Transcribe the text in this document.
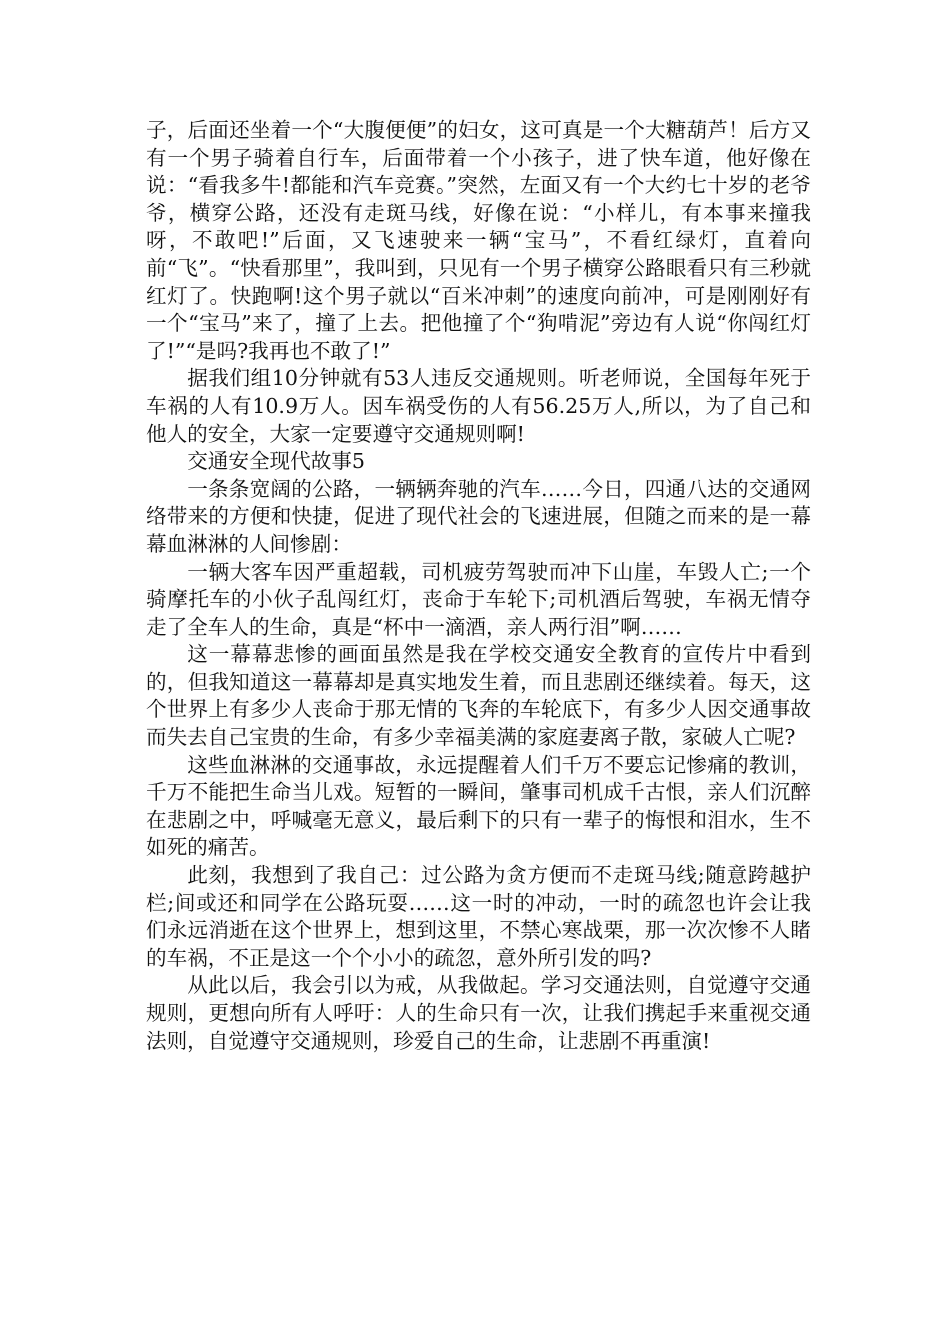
子，后面还坐着一个“大腹便便”的妇女，这可真是一个大糖葫芦！后方又有一个男子骑着自行车，后面带着一个小孩子，进了快车道，他好像在说：“看我多牛!都能和汽车竞赛。”突然，左面又有一个大约七十岁的老爷爷，横穿公路，还没有走斑马线，好像在说：“小样儿，有本事来撞我呀，不敢吧!”后面，又飞速驶来一辆“宝马”，不看红绿灯，直着向前“飞”。“快看那里”，我叫到，只见有一个男子横穿公路眼看只有三秒就红灯了。快跑啊!这个男子就以“百米冲刺”的速度向前冲，可是刚刚好有一个“宝马”来了，撞了上去。把他撞了个“狗啃泥”旁边有人说“你闯红灯了!”“是吗?我再也不敢了!”

据我们组10分钟就有53人违反交通规则。听老师说，全国每年死于车祸的人有10.9万人。因车祸受伤的人有56.25万人,所以，为了自己和他人的安全，大家一定要遵守交通规则啊!

交通安全现代故事5

一条条宽阔的公路，一辆辆奔驰的汽车……今日，四通八达的交通网络带来的方便和快捷，促进了现代社会的飞速进展，但随之而来的是一幕幕血淋淋的人间惨剧：

一辆大客车因严重超载，司机疲劳驾驶而冲下山崖，车毁人亡;一个骑摩托车的小伙子乱闯红灯，丧命于车轮下;司机酒后驾驶，车祸无情夺走了全车人的生命，真是“杯中一滴酒，亲人两行泪”啊……

这一幕幕悲惨的画面虽然是我在学校交通安全教育的宣传片中看到的，但我知道这一幕幕却是真实地发生着，而且悲剧还继续着。每天，这个世界上有多少人丧命于那无情的飞奔的车轮底下，有多少人因交通事故而失去自己宝贵的生命，有多少幸福美满的家庭妻离子散，家破人亡呢?

这些血淋淋的交通事故，永远提醒着人们千万不要忘记惨痛的教训，千万不能把生命当儿戏。短暂的一瞬间，肇事司机成千古恨，亲人们沉醉在悲剧之中，呼喊毫无意义，最后剩下的只有一辈子的悔恨和泪水，生不如死的痛苦。

此刻，我想到了我自己：过公路为贪方便而不走斑马线;随意跨越护栏;间或还和同学在公路玩耍……这一时的冲动，一时的疏忽也许会让我们永远消逝在这个世界上，想到这里，不禁心寒战栗，那一次次惨不人睹的车祸，不正是这一个个小小的疏忽，意外所引发的吗?

从此以后，我会引以为戒，从我做起。学习交通法则，自觉遵守交通规则，更想向所有人呼吁：人的生命只有一次，让我们携起手来重视交通法则，自觉遵守交通规则，珍爱自己的生命，让悲剧不再重演!
